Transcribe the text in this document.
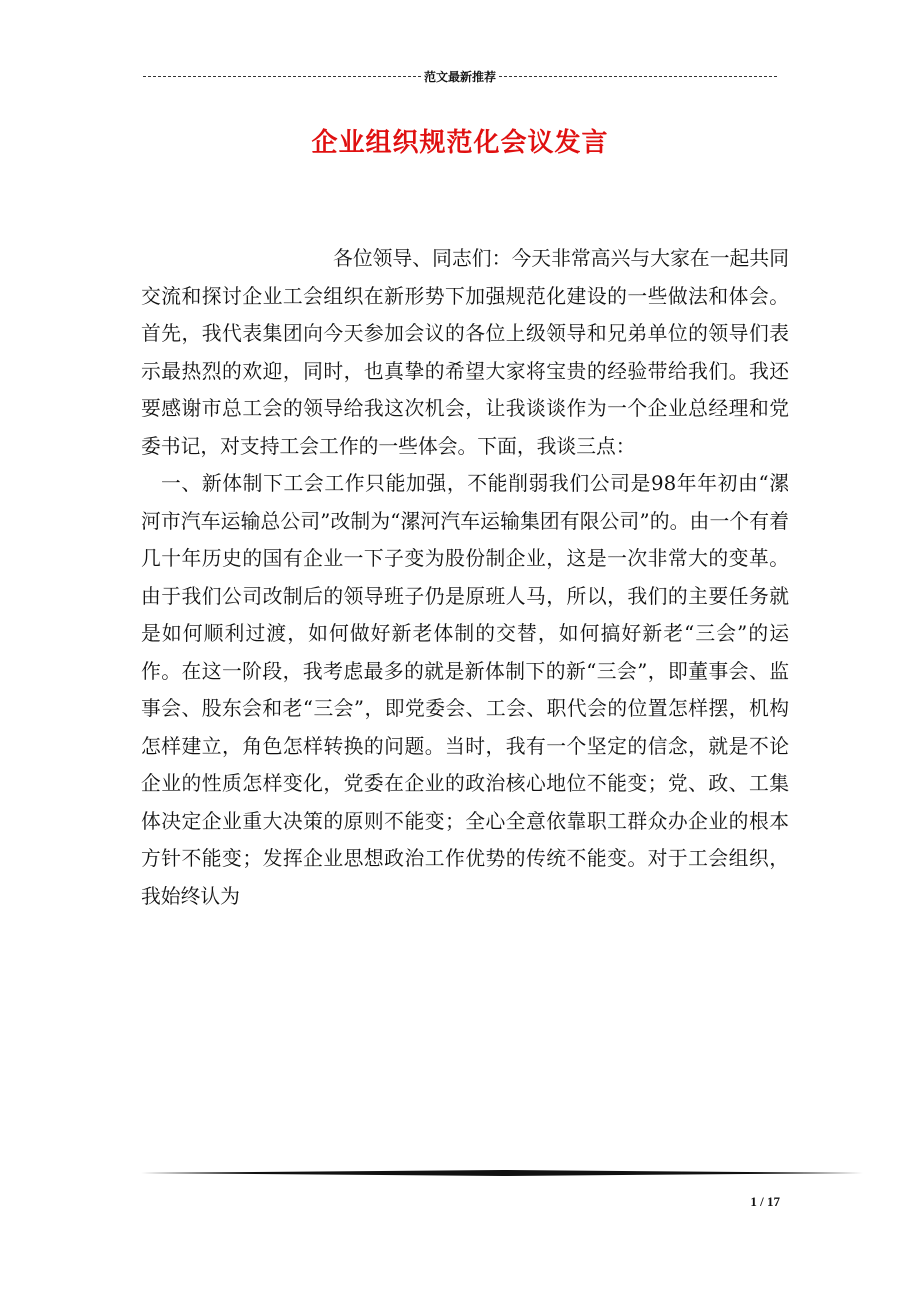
范文最新推荐
企业组织规范化会议发言

各位领导、同志们：今天非常高兴与大家在一起共同交流和探讨企业工会组织在新形势下加强规范化建设的一些做法和体会。首先，我代表集团向今天参加会议的各位上级领导和兄弟单位的领导们表示最热烈的欢迎，同时，也真挚的希望大家将宝贵的经验带给我们。我还要感谢市总工会的领导给我这次机会，让我谈谈作为一个企业总经理和党委书记，对支持工会工作的一些体会。下面，我谈三点：

一、新体制下工会工作只能加强，不能削弱我们公司是98年年初由“漯河市汽车运输总公司”改制为“漯河汽车运输集团有限公司”的。由一个有着几十年历史的国有企业一下子变为股份制企业，这是一次非常大的变革。由于我们公司改制后的领导班子仍是原班人马，所以，我们的主要任务就是如何顺利过渡，如何做好新老体制的交替，如何搞好新老“三会”的运作。在这一阶段，我考虑最多的就是新体制下的新“三会”，即董事会、监事会、股东会和老“三会”，即党委会、工会、职代会的位置怎样摆，机构怎样建立，角色怎样转换的问题。当时，我有一个坚定的信念，就是不论企业的性质怎样变化，党委在企业的政治核心地位不能变；党、政、工集体决定企业重大决策的原则不能变；全心全意依靠职工群众办企业的根本方针不能变；发挥企业思想政治工作优势的传统不能变。对于工会组织，我始终认为

1 / 17
